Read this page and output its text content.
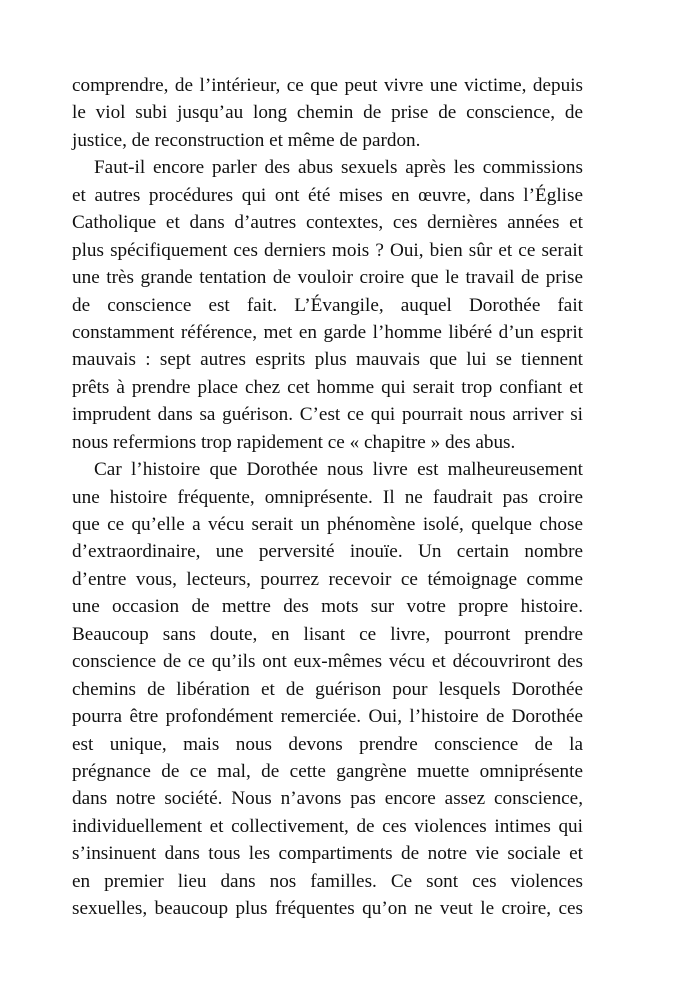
comprendre, de l’intérieur, ce que peut vivre une victime, depuis
le viol subi jusqu’au long chemin de prise de conscience, de
justice, de reconstruction et même de pardon.
Faut-il encore parler des abus sexuels après les commissions
et autres procédures qui ont été mises en œuvre, dans l’Église
Catholique et dans d’autres contextes, ces dernières années et
plus spécifiquement ces derniers mois ? Oui, bien sûr et ce serait
une très grande tentation de vouloir croire que le travail de prise
de conscience est fait. L’Évangile, auquel Dorothée fait
constamment référence, met en garde l’homme libéré d’un esprit
mauvais : sept autres esprits plus mauvais que lui se tiennent
prêts à prendre place chez cet homme qui serait trop confiant et
imprudent dans sa guérison. C’est ce qui pourrait nous arriver si
nous refermions trop rapidement ce « chapitre » des abus.
Car l’histoire que Dorothée nous livre est malheureusement
une histoire fréquente, omniprésente. Il ne faudrait pas croire
que ce qu’elle a vécu serait un phénomène isolé, quelque chose
d’extraordinaire, une perversité inouïe. Un certain nombre
d’entre vous, lecteurs, pourrez recevoir ce témoignage comme
une occasion de mettre des mots sur votre propre histoire.
Beaucoup sans doute, en lisant ce livre, pourront prendre
conscience de ce qu’ils ont eux-mêmes vécu et découvriront des
chemins de libération et de guérison pour lesquels Dorothée
pourra être profondément remerciée. Oui, l’histoire de Dorothée
est unique, mais nous devons prendre conscience de la
prégnance de ce mal, de cette gangrène muette omniprésente
dans notre société. Nous n’avons pas encore assez conscience,
individuellement et collectivement, de ces violences intimes qui
s’insinuent dans tous les compartiments de notre vie sociale et
en premier lieu dans nos familles. Ce sont ces violences
sexuelles, beaucoup plus fréquentes qu’on ne veut le croire, ces
